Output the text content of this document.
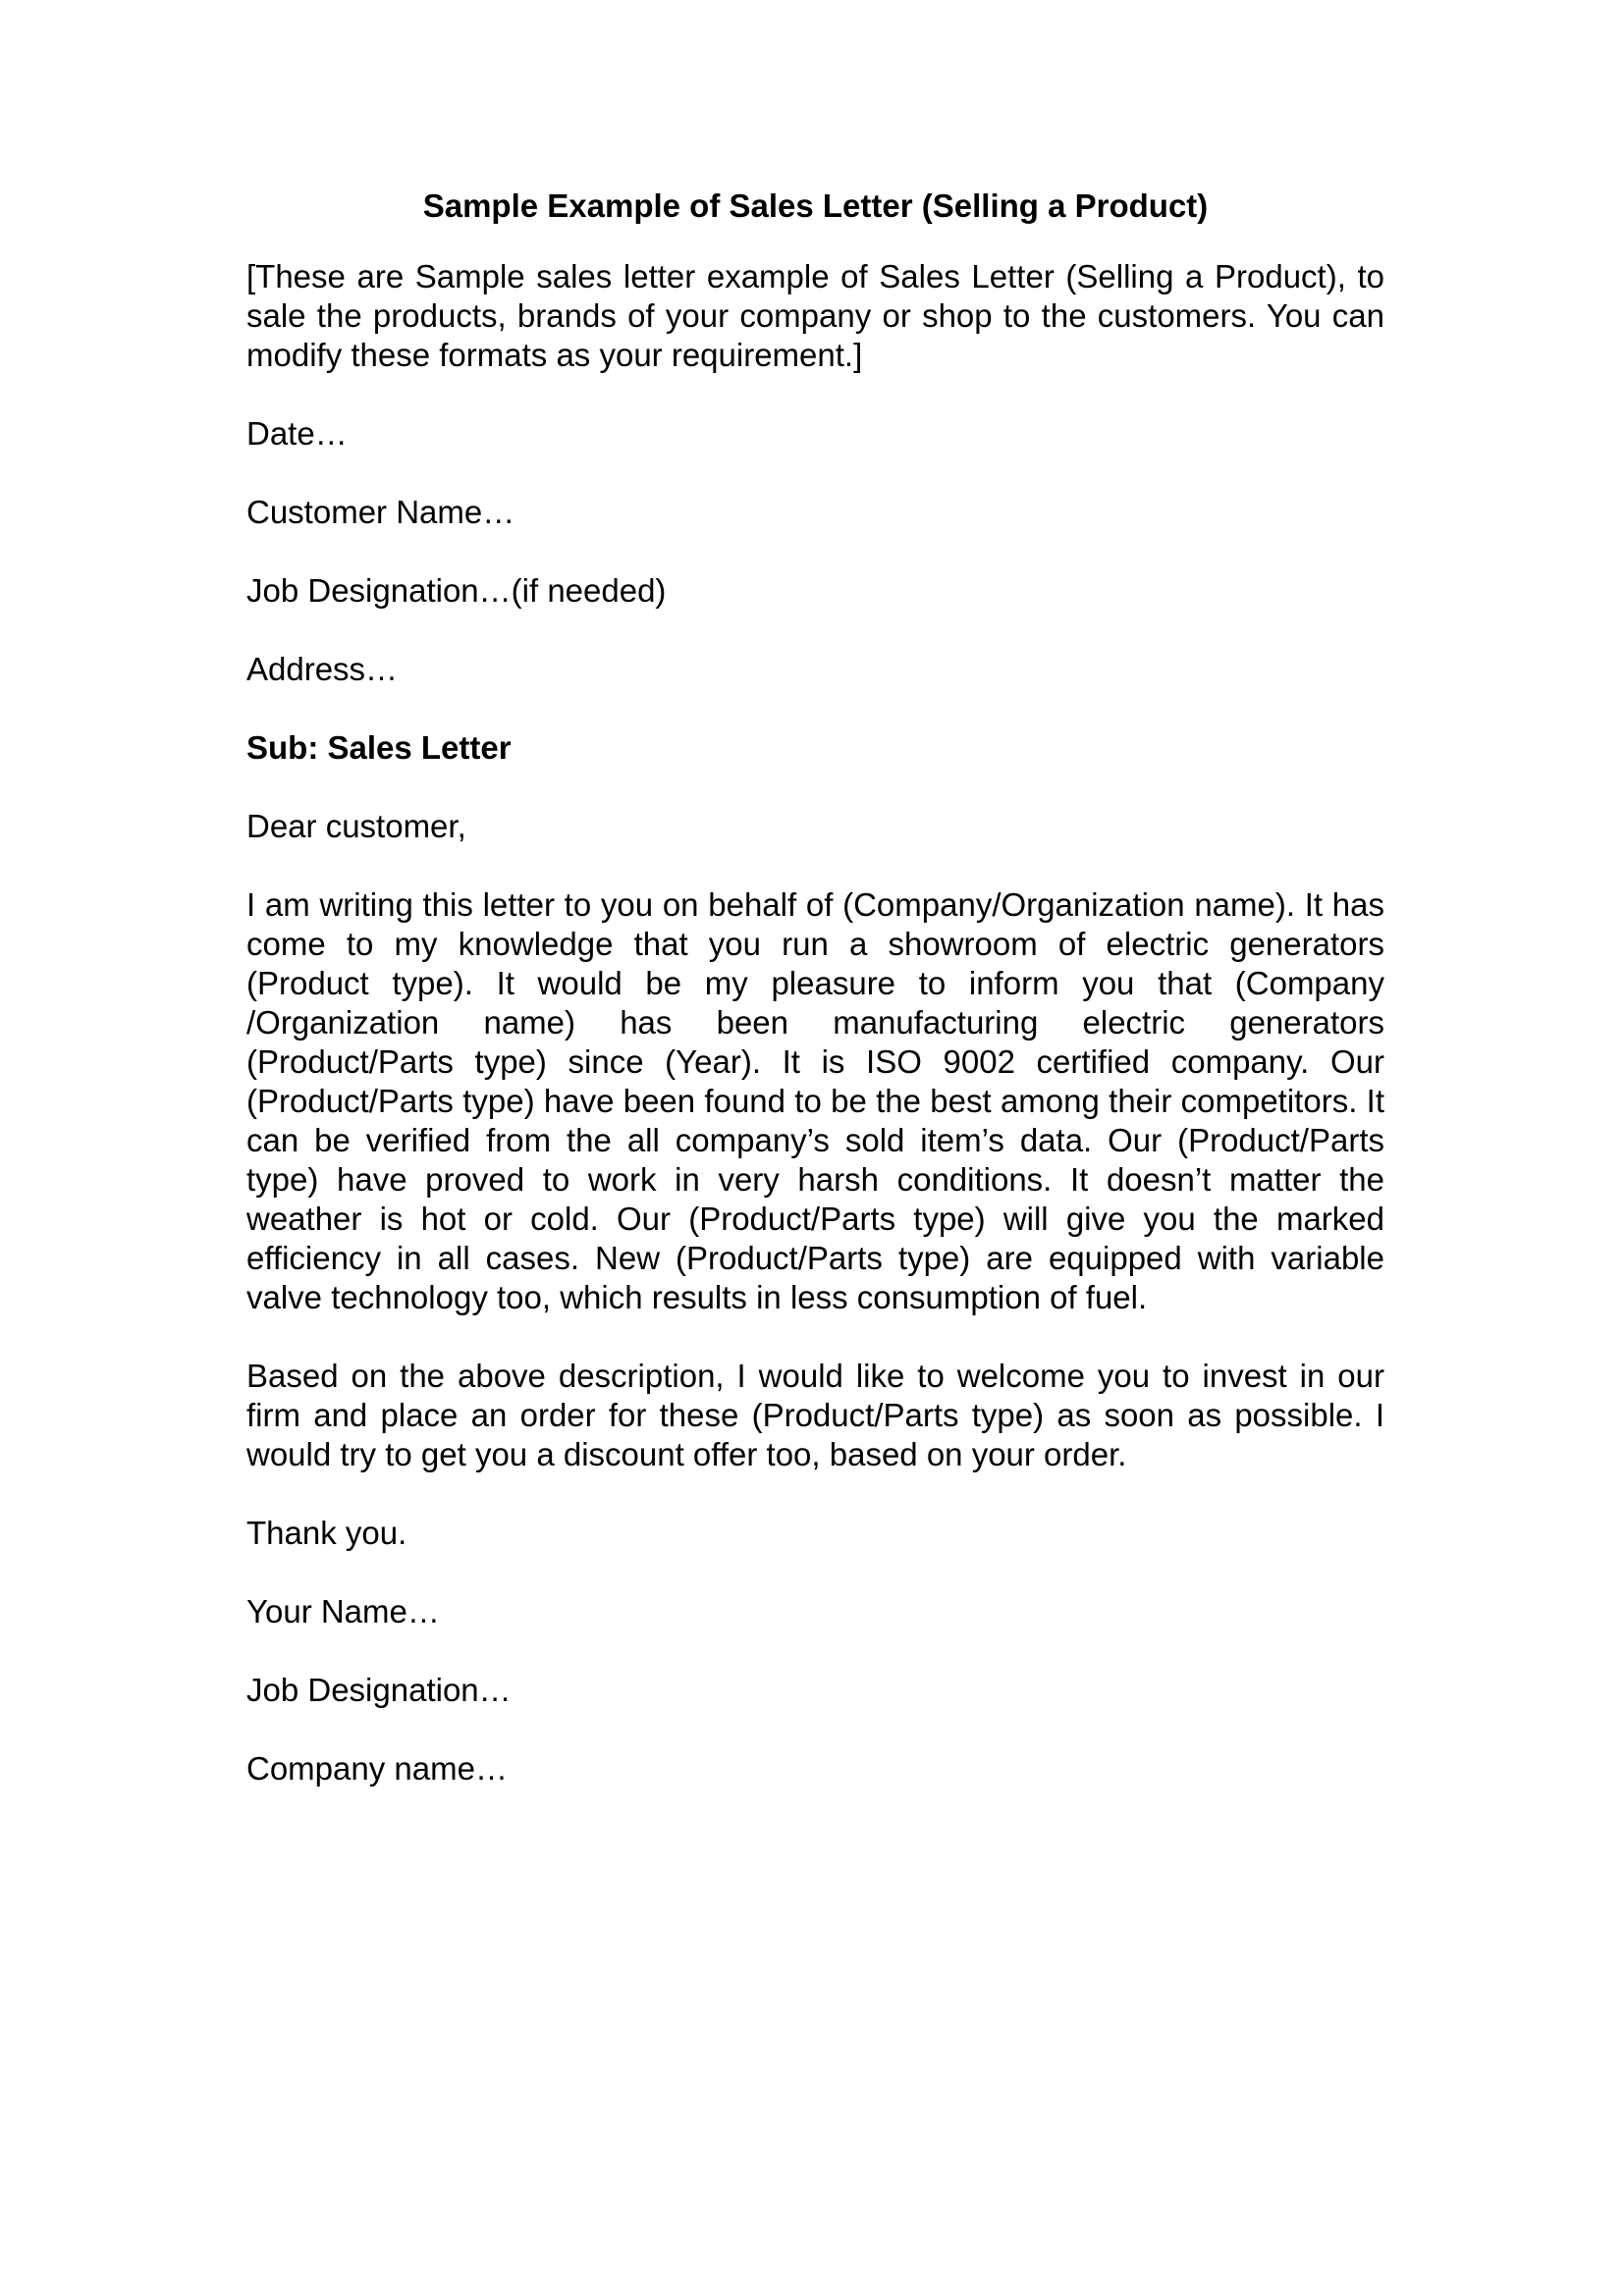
Sample Example of Sales Letter (Selling a Product)

[These are Sample sales letter example of Sales Letter (Selling a Product), to sale the products, brands of your company or shop to the customers. You can modify these formats as your requirement.]

Date…

Customer Name…

Job Designation…(if needed)

Address…

Sub: Sales Letter

Dear customer,

I am writing this letter to you on behalf of (Company/Organization name). It has come to my knowledge that you run a showroom of electric generators (Product type). It would be my pleasure to inform you that (Company /Organization name) has been manufacturing electric generators (Product/Parts type) since (Year). It is ISO 9002 certified company. Our (Product/Parts type) have been found to be the best among their competitors. It can be verified from the all company’s sold item’s data. Our (Product/Parts type) have proved to work in very harsh conditions. It doesn’t matter the weather is hot or cold. Our (Product/Parts type) will give you the marked efficiency in all cases. New (Product/Parts type) are equipped with variable valve technology too, which results in less consumption of fuel.

Based on the above description, I would like to welcome you to invest in our firm and place an order for these (Product/Parts type) as soon as possible. I would try to get you a discount offer too, based on your order.

Thank you.

Your Name…

Job Designation…

Company name…
